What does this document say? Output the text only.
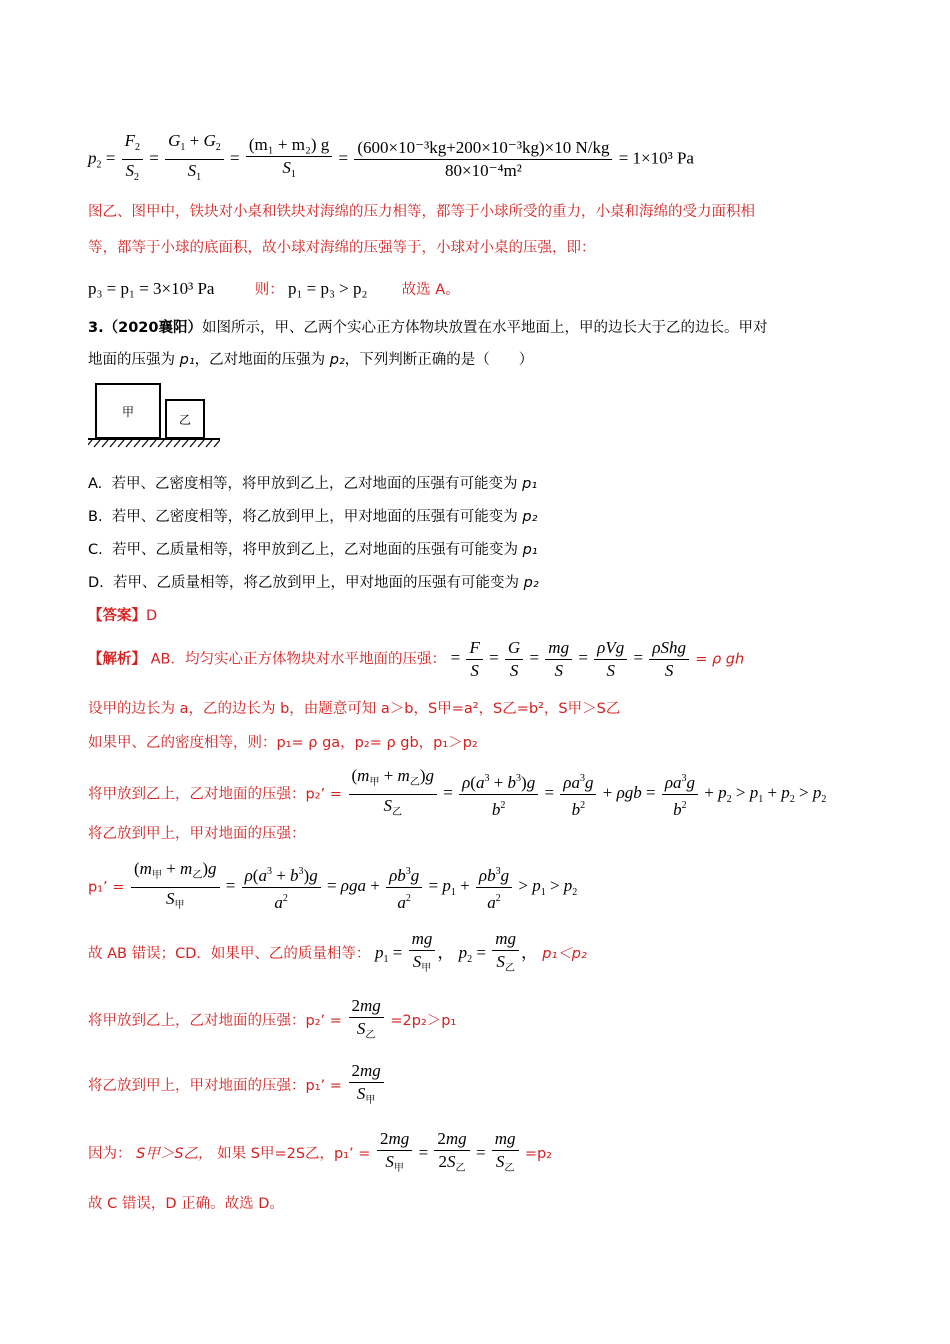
$p_2 = \frac{F_2}{S_2} = \frac{G_1 + G_2}{S_1} = \frac{\text{(m₁ + m₂) g}}{S_1} = \frac{\text{(600×10⁻³kg+200×10⁻³kg)×10 N/kg}}{\text{80×10⁻⁴m²}} = 1\times 10^3$ Pa
图乙、图甲中，铁块对小桌和铁块对海绵的压力相等，都等于小球所受的重力，小桌和海绵的受力面积相
等，都等于小球的底面积，故小球对海绵的压强等于，小球对小桌的压强，即：
p₃ = p₁ = 3×10³ Pa	则： p₁ = p₃ > p₂ 故选 A。
3.（2020襄阳）如图所示，甲、乙两个实心正方体物块放置在水平地面上，甲的边长大于乙的边长。甲对
地面的压强为 p₁，乙对地面的压强为 p₂，下列判断正确的是（　　）
甲
乙
A. 若甲、乙密度相等，将甲放到乙上，乙对地面的压强有可能变为 p₁
B. 若甲、乙密度相等，将乙放到甲上，甲对地面的压强有可能变为 p₂
C. 若甲、乙质量相等，将甲放到乙上，乙对地面的压强有可能变为 p₁
D. 若甲、乙质量相等，将乙放到甲上，甲对地面的压强有可能变为 p₂
【答案】D
【解析】 AB．均匀实心正方体物块对水平地面的压强： = $\frac{F}{S} = \frac{G}{S} = \frac{mg}{S} = \frac{\text{ρVg}}{S} = \frac{\text{ρShg}}{S} = \rho$ gh
设甲的边长为 a，乙的边长为 b，由题意可知 a＞b，S甲=a²，S乙=b²，S甲＞S乙
如果甲、乙的密度相等，则：p₁= ρ ga，p₂= ρ gb，p₁＞p₂
将甲放到乙上，乙对地面的压强：p₂’ = $\frac{(m_甲 + m_乙)g}{S_乙} = \frac{\rho(a^3 + b^3)g}{b^2} = \frac{\rho a^3g}{b^2} + \rho gb = \frac{\rho a^3g}{b^2} + p_2 > p_1 + p_2 > p_2$
将乙放到甲上，甲对地面的压强：
p₁’ = $\frac{(m_甲 + m_乙)g}{S_甲} = \frac{\rho(a^3 + b^3)g}{a^2} = \rho ga + \frac{\rho b^3g}{a^2} = p_1 + \frac{\rho b^3g}{a^2} > p_1 > p_2$
故 AB 错误；CD．如果甲、乙的质量相等： $p_1 = \frac{mg}{S_甲}$ ， $p_2 = \frac{mg}{S_乙}$ ， p₁＜p₂
将甲放到乙上，乙对地面的压强：p₂’ = $\frac{2mg}{S_乙} =2p_2>p_1$
将乙放到甲上，甲对地面的压强：p₁’ = $\frac{2mg}{S_甲}$
因为： S甲＞S乙， 如果 S甲=2S乙，p₁’ = $\frac{2mg}{S_甲} = \frac{2mg}{2S_乙} = \frac{mg}{S_乙} =p_2$
故 C 错误，D 正确。故选 D。
